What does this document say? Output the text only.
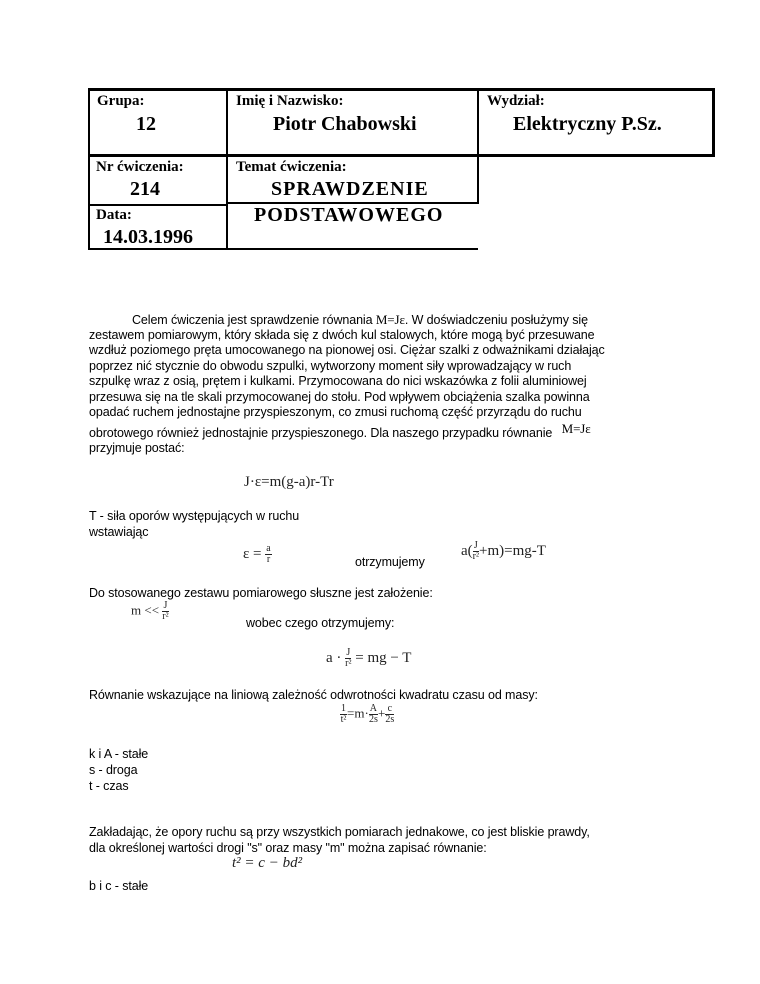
Grupa:
12
Imię i Nazwisko:
Piotr Chabowski
Wydział:
Elektryczny P.Sz.
Nr ćwiczenia:
214
Temat ćwiczenia:
SPRAWDZENIE
PODSTAWOWEGO
Data:
14.03.1996
Celem ćwiczenia jest sprawdzenie równania M=Jε. W doświadczeniu posłużymy się
zestawem pomiarowym, który składa się z dwóch kul stalowych, które mogą być przesuwane
wzdłuż poziomego pręta umocowanego na pionowej osi. Ciężar szalki z odważnikami działając
poprzez nić stycznie do obwodu szpulki, wytworzony moment siły wprowadzający w ruch
szpulkę wraz z osią, prętem i kulkami. Przymocowana do nici wskazówka z folii aluminiowej
przesuwa się na tle skali przymocowanej do stołu. Pod wpływem obciążenia szalka powinna
opadać ruchem jednostajne przyspieszonym, co zmusi ruchomą część przyrządu do ruchu
obrotowego również jednostajnie przyspieszonego. Dla naszego przypadku równanie M=Jε
przyjmuje postać:
J·ε=m(g-a)r-Tr
T - siła oporów występujących w ruchu
wstawiając
$\varepsilon = \frac{a}{r}$	otrzymujemy
$a( \frac{J}{\text{r²}} +m)=mg-T$
Do stosowanego zestawu pomiarowego słuszne jest założenie:
$m << \frac{J}{\text{r²}}$
wobec czego otrzymujemy:
$a \cdot \frac{J}{\text{r²}}$ = mg − T
Równanie wskazujące na liniową zależność odwrotności kwadratu czasu od masy:
$\frac{1}{\text{t²}} =m\cdot \frac{A}{2s} + \frac{c}{2s}$
k i A - stałe
s - droga
t - czas
Zakładając, że opory ruchu są przy wszystkich pomiarach jednakowe, co jest bliskie prawdy,
dla określonej wartości drogi "s" oraz masy "m" można zapisać równanie:
t² = c − bd²
b i c - stałe
